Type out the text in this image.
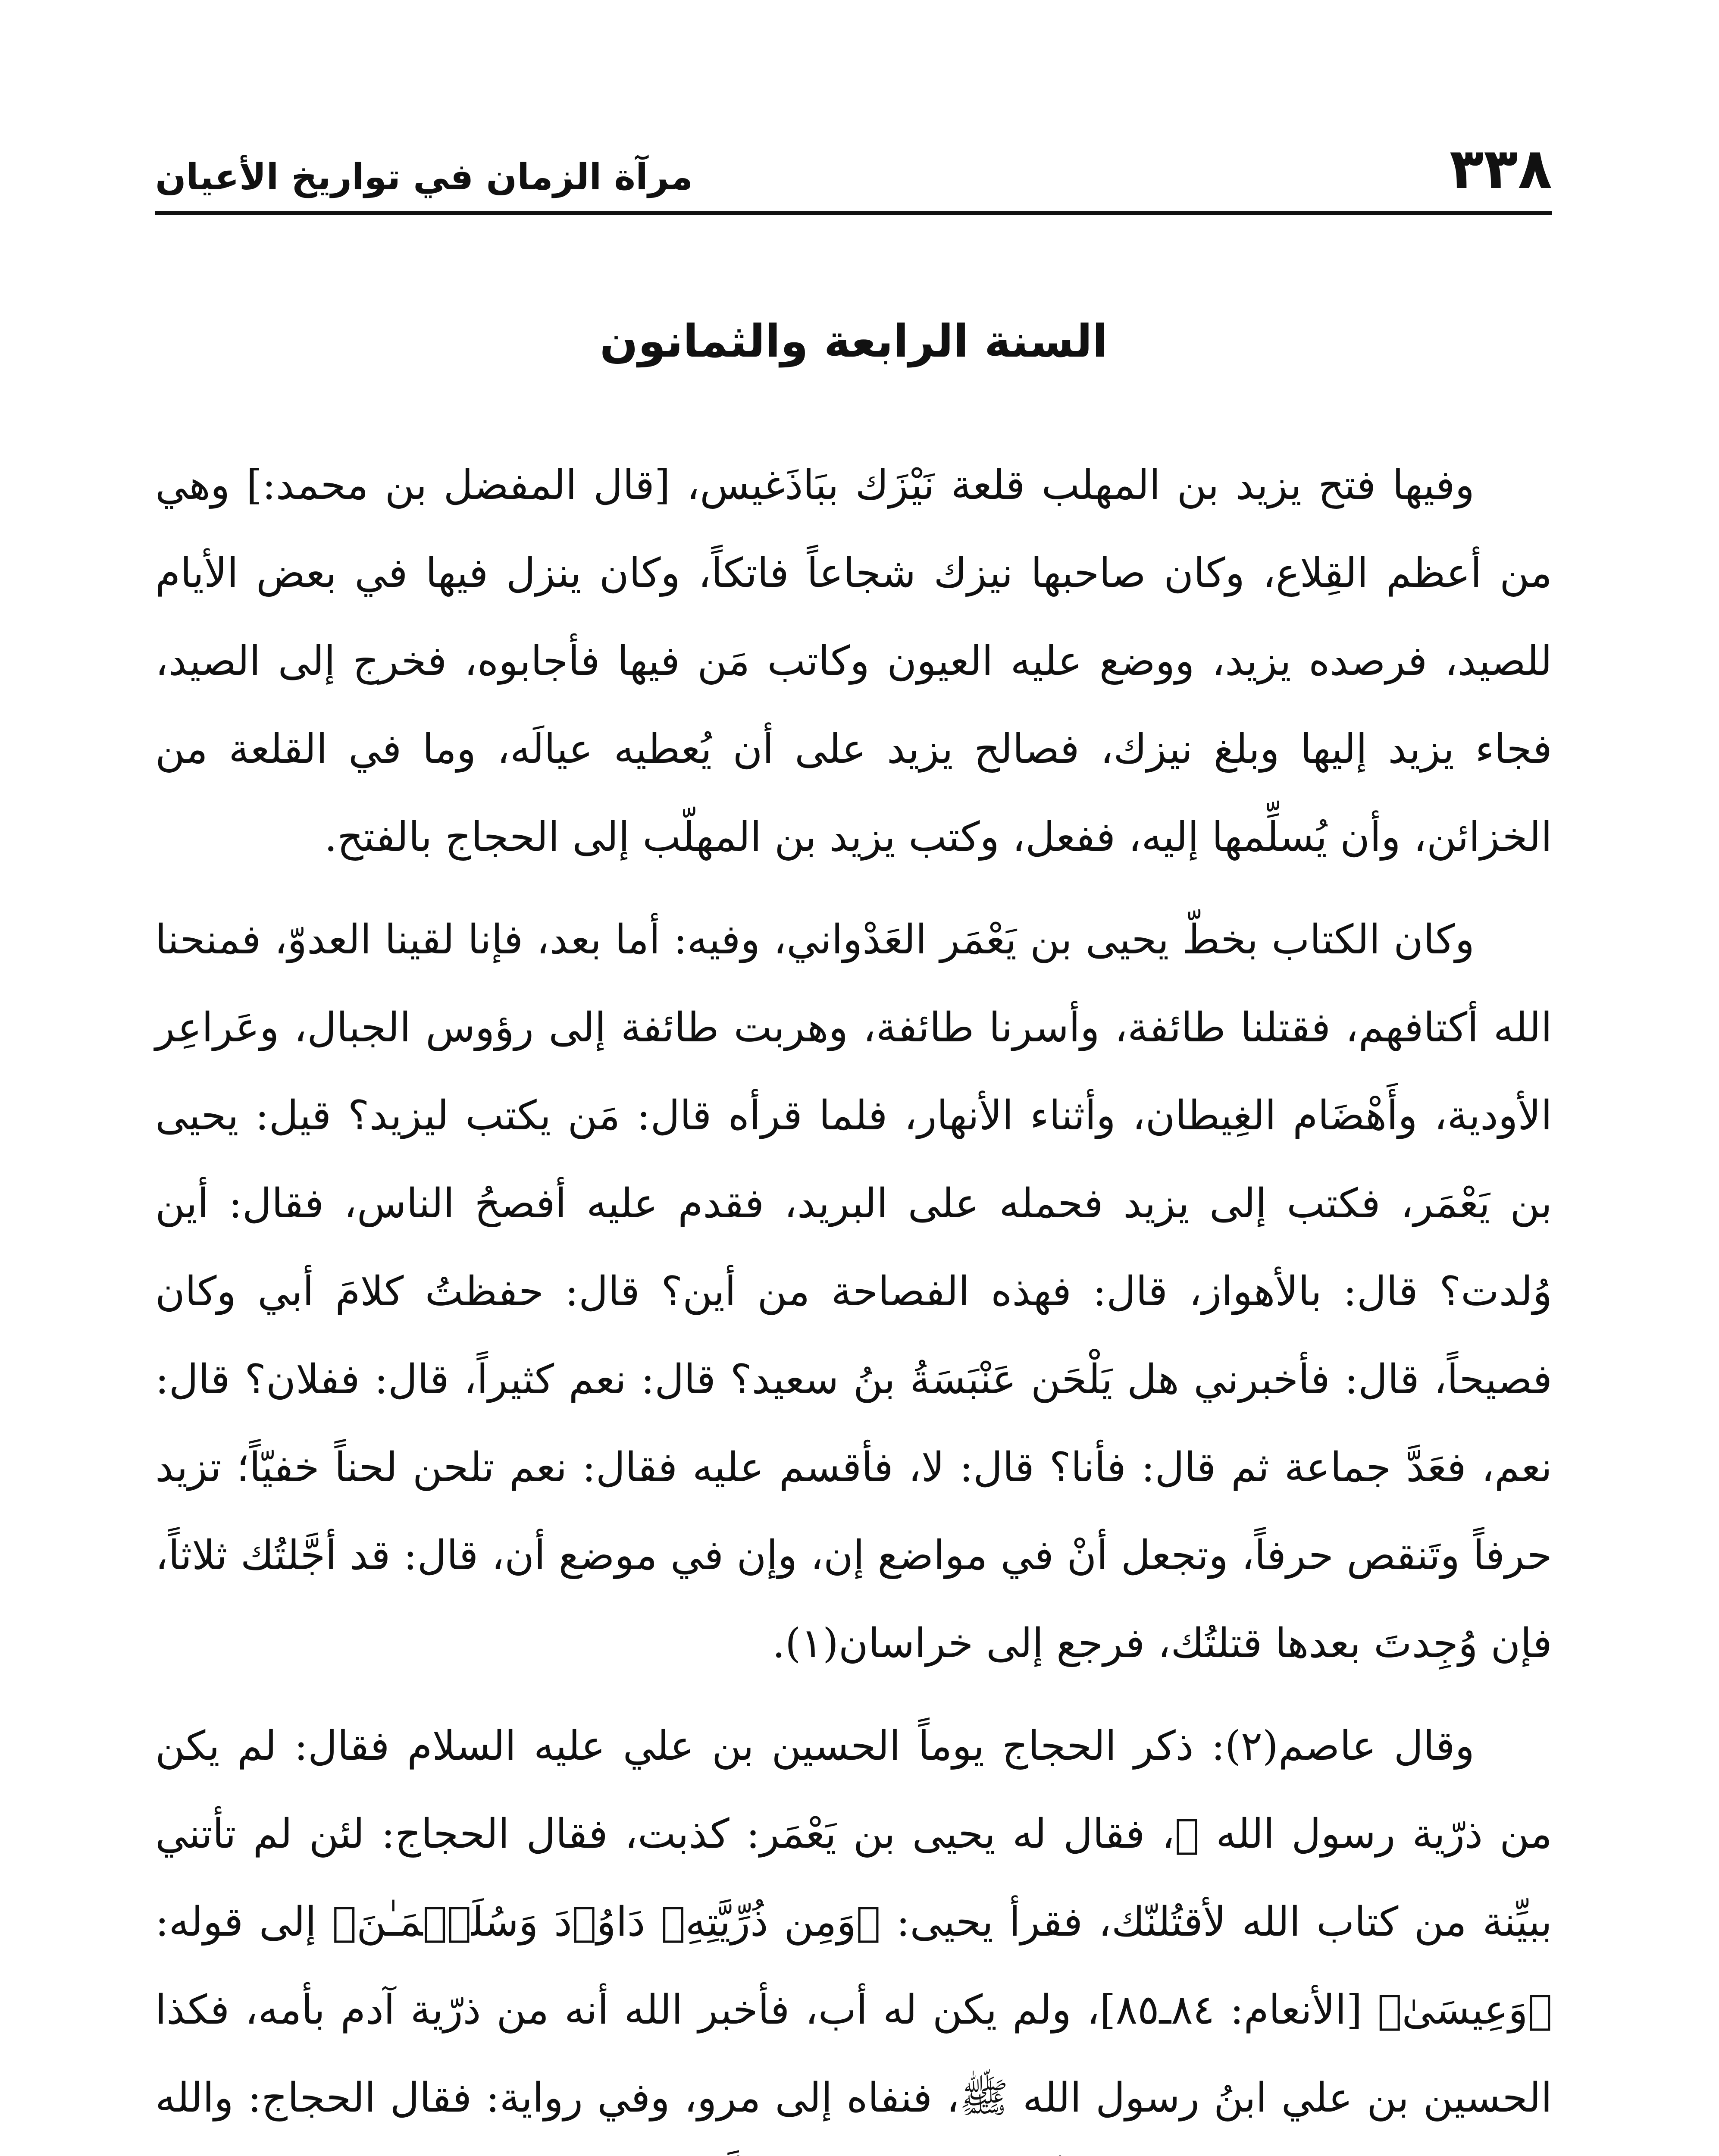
٣٣٨
مرآة الزمان في تواريخ الأعيان
السنة الرابعة والثمانون

وفيها فتح يزيد بن المهلب قلعة نَيْزَك ببَاذَغيس، [قال المفضل بن محمد:] وهي من أعظم القِلاع، وكان صاحبها نيزك شجاعاً فاتكاً، وكان ينزل فيها في بعض الأيام للصيد، فرصده يزيد، ووضع عليه العيون وكاتب مَن فيها فأجابوه، فخرج إلى الصيد، فجاء يزيد إليها وبلغ نيزك، فصالح يزيد على أن يُعطيه عيالَه، وما في القلعة من الخزائن، وأن يُسلِّمها إليه، ففعل، وكتب يزيد بن المهلّب إلى الحجاج بالفتح.

وكان الكتاب بخطّ يحيى بن يَعْمَر العَدْواني، وفيه: أما بعد، فإنا لقينا العدوّ، فمنحنا الله أكتافهم، فقتلنا طائفة، وأسرنا طائفة، وهربت طائفة إلى رؤوس الجبال، وعَراعِر الأودية، وأَهْضَام الغِيطان، وأثناء الأنهار، فلما قرأه قال: مَن يكتب ليزيد؟ قيل: يحيى بن يَعْمَر، فكتب إلى يزيد فحمله على البريد، فقدم عليه أفصحُ الناس، فقال: أين وُلدت؟ قال: بالأهواز، قال: فهذه الفصاحة من أين؟ قال: حفظتُ كلامَ أبي وكان فصيحاً، قال: فأخبرني هل يَلْحَن عَنْبَسَةُ بنُ سعيد؟ قال: نعم كثيراً، قال: ففلان؟ قال: نعم، فعَدَّ جماعة ثم قال: فأنا؟ قال: لا، فأقسم عليه فقال: نعم تلحن لحناً خفيّاً؛ تزيد حرفاً وتَنقص حرفاً، وتجعل أنْ في مواضع إن، وإن في موضع أن، قال: قد أجَّلتُك ثلاثاً، فإن وُجِدتَ بعدها قتلتُك، فرجع إلى خراسان(١).

وقال عاصم(٢): ذكر الحجاج يوماً الحسين بن علي عليه السلام فقال: لم يكن من ذرّية رسول الله ﷺ، فقال له يحيى بن يَعْمَر: كذبت، فقال الحجاج: لئن لم تأتني ببيِّنة من كتاب الله لأقتُلنّك، فقرأ يحيى: ﴿وَمِن ذُرِّيَّتِهِۦ دَاوُۥدَ وَسُلَيۡمَـٰنَ﴾ إلى قوله: ﴿وَعِيسَىٰ﴾ [الأنعام: ٨٤ـ٨٥]، ولم يكن له أب، فأخبر الله أنه من ذرّية آدم بأمه، فكذا الحسين بن علي ابنُ رسول الله ﷺ، فنفاه إلى مرو، وفي رواية: فقال الحجاج: والله
